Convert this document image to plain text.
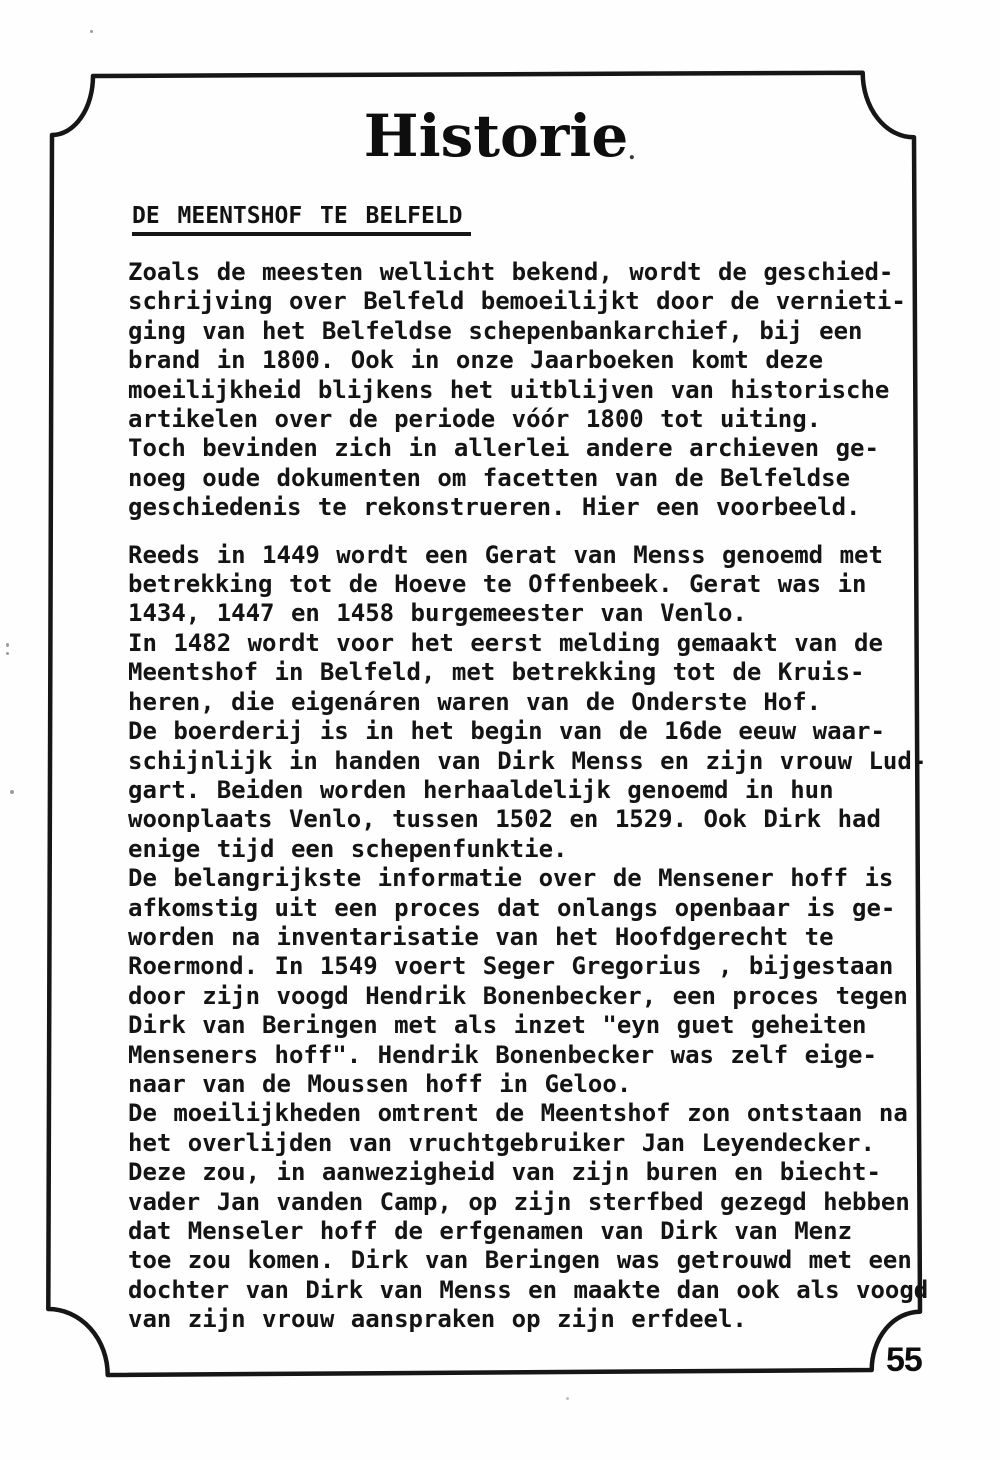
Historie .
DE MEENTSHOF TE BELFELD
Zoals de meesten wellicht bekend, wordt de geschied-
schrijving over Belfeld bemoeilijkt door de vernieti-
ging van het Belfeldse schepenbankarchief, bij een
brand in 1800. Ook in onze Jaarboeken komt deze
moeilijkheid blijkens het uitblijven van historische
artikelen over de periode vóór 1800 tot uiting.
Toch bevinden zich in allerlei andere archieven ge-
noeg oude dokumenten om facetten van de Belfeldse
geschiedenis te rekonstrueren. Hier een voorbeeld.
Reeds in 1449 wordt een Gerat van Menss genoemd met
betrekking tot de Hoeve te Offenbeek. Gerat was in
1434, 1447 en 1458 burgemeester van Venlo.
In 1482 wordt voor het eerst melding gemaakt van de
Meentshof in Belfeld, met betrekking tot de Kruis-
heren, die eigenáren waren van de Onderste Hof.
De boerderij is in het begin van de 16de eeuw waar-
schijnlijk in handen van Dirk Menss en zijn vrouw Lud-
gart. Beiden worden herhaaldelijk genoemd in hun
woonplaats Venlo, tussen 1502 en 1529. Ook Dirk had
enige tijd een schepenfunktie.
De belangrijkste informatie over de Mensener hoff is
afkomstig uit een proces dat onlangs openbaar is ge-
worden na inventarisatie van het Hoofdgerecht te
Roermond. In 1549 voert Seger Gregorius , bijgestaan
door zijn voogd Hendrik Bonenbecker, een proces tegen
Dirk van Beringen met als inzet "eyn guet geheiten
Menseners hoff". Hendrik Bonenbecker was zelf eige-
naar van de Moussen hoff in Geloo.
De moeilijkheden omtrent de Meentshof zon ontstaan na
het overlijden van vruchtgebruiker Jan Leyendecker.
Deze zou, in aanwezigheid van zijn buren en biecht-
vader Jan vanden Camp, op zijn sterfbed gezegd hebben
dat Menseler hoff de erfgenamen van Dirk van Menz
toe zou komen. Dirk van Beringen was getrouwd met een
dochter van Dirk van Menss en maakte dan ook als voogd
van zijn vrouw aanspraken op zijn erfdeel.
55
